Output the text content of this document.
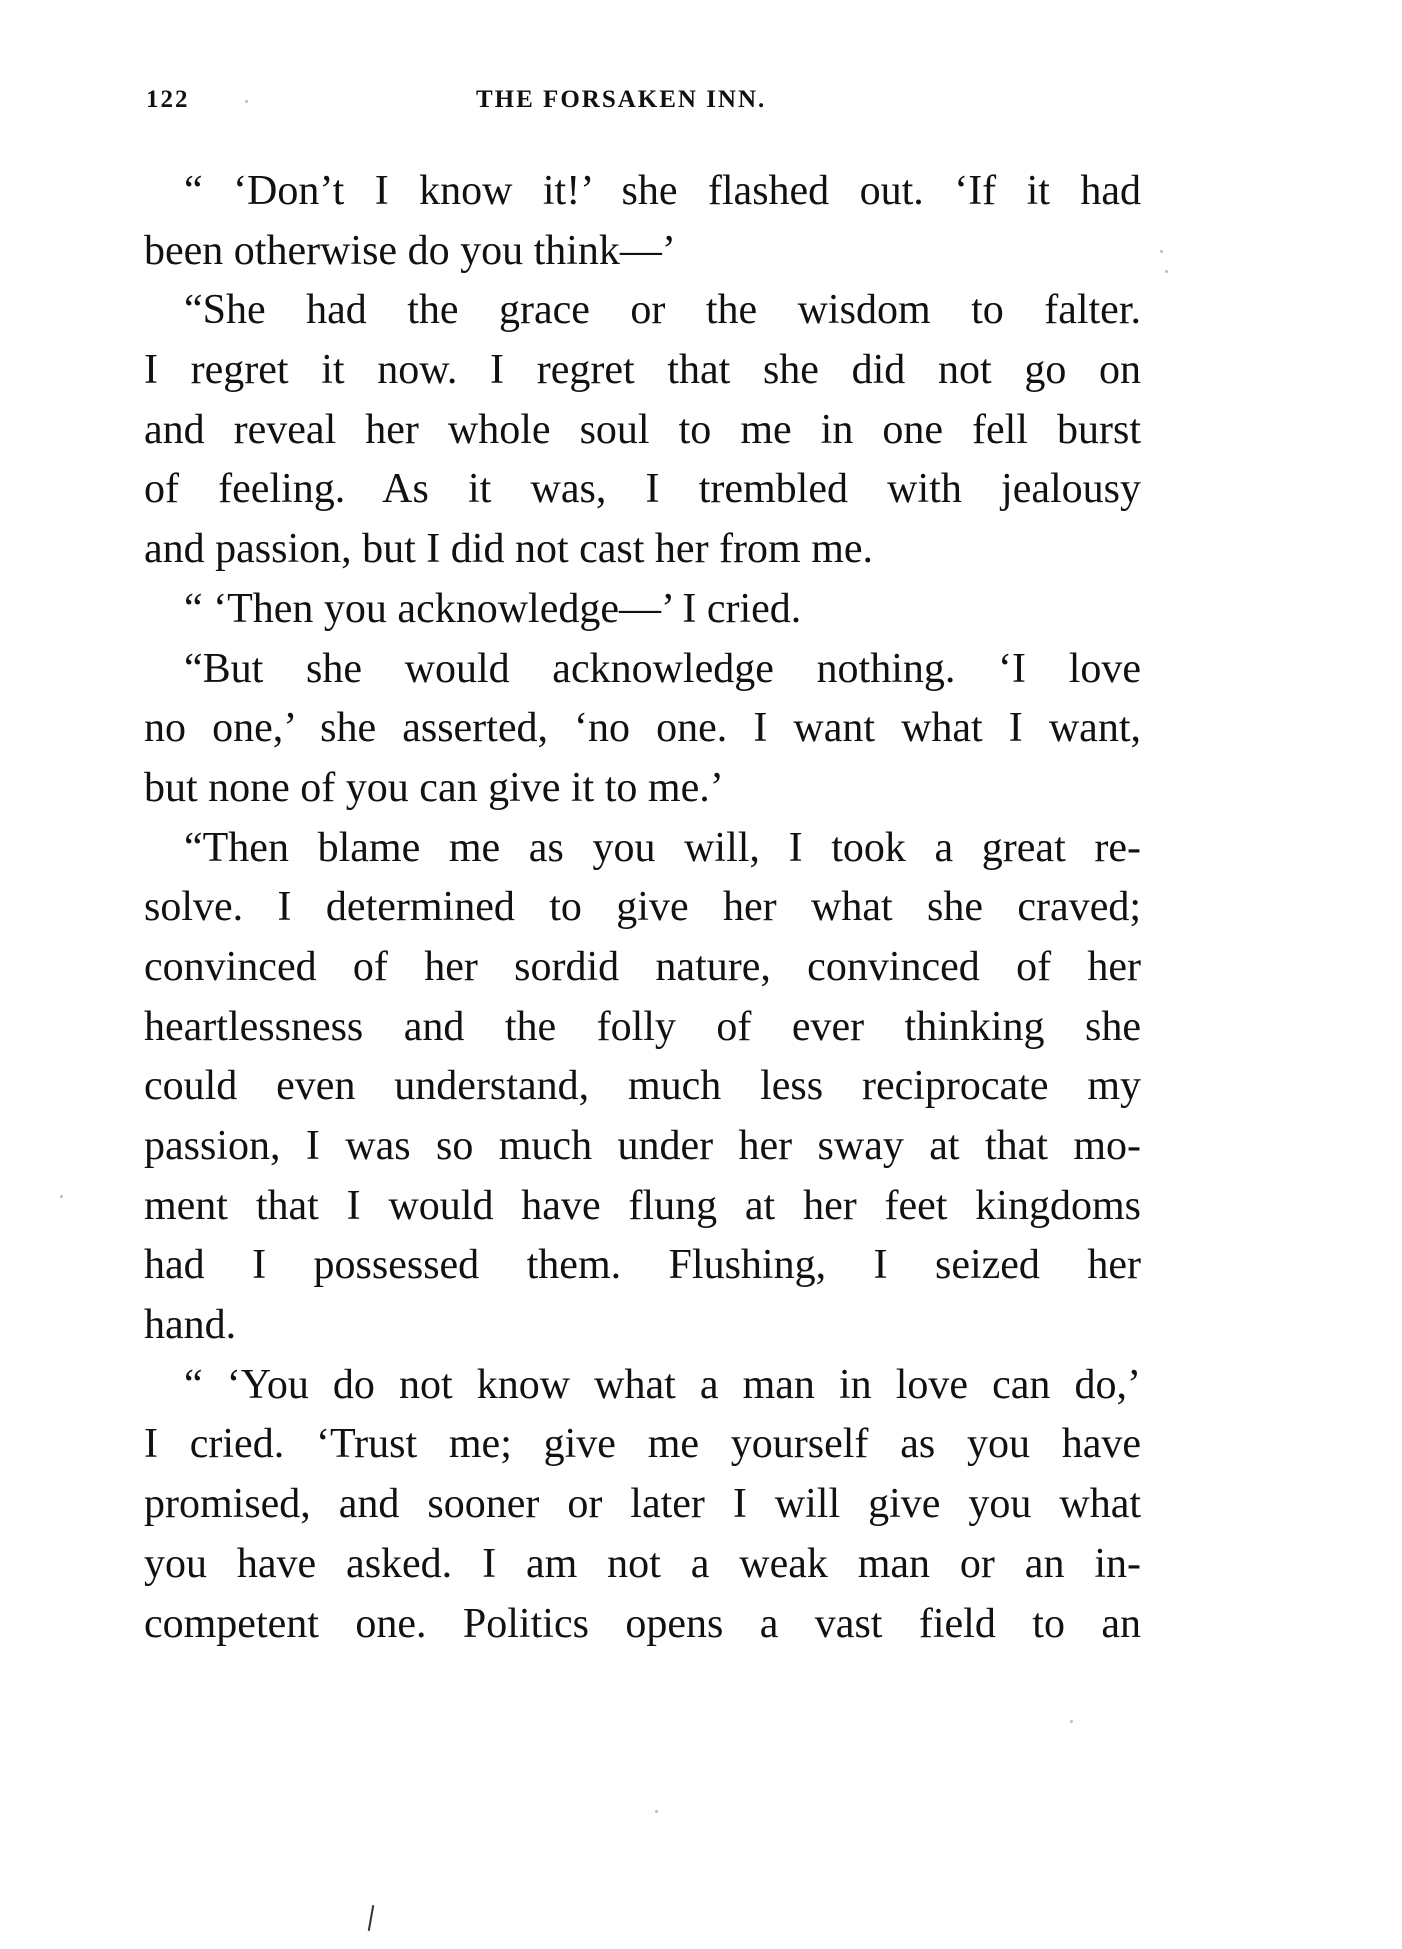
122	THE FORSAKEN INN.
“ ‘Don’t I know it!’ she flashed out. ‘If it had
been otherwise do you think—’
“She had the grace or the wisdom to falter.
I regret it now. I regret that she did not go on
and reveal her whole soul to me in one fell burst
of feeling. As it was, I trembled with jealousy
and passion, but I did not cast her from me.
“ ‘Then you acknowledge—’ I cried.
“But she would acknowledge nothing. ‘I love
no one,’ she asserted, ‘no one. I want what I want,
but none of you can give it to me.’
“Then blame me as you will, I took a great re-
solve. I determined to give her what she craved;
convinced of her sordid nature, convinced of her
heartlessness and the folly of ever thinking she
could even understand, much less reciprocate my
passion, I was so much under her sway at that mo-
ment that I would have flung at her feet kingdoms
had I possessed them. Flushing, I seized her
hand.
“ ‘You do not know what a man in love can do,’
I cried. ‘Trust me; give me yourself as you have
promised, and sooner or later I will give you what
you have asked. I am not a weak man or an in-
competent one. Politics opens a vast field to an
